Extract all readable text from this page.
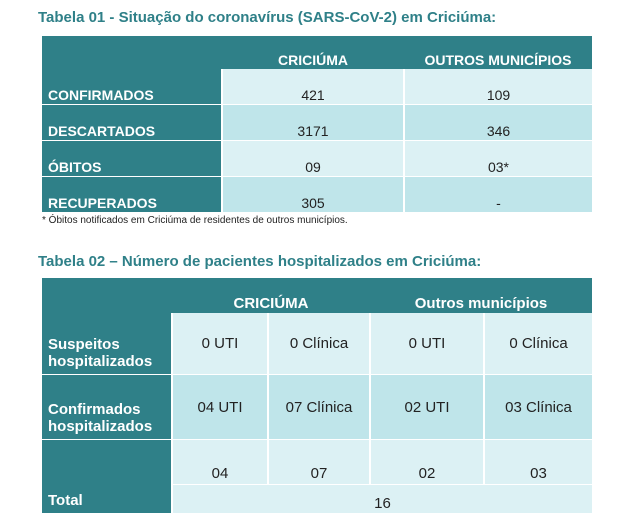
Tabela 01 - Situação do coronavírus (SARS-CoV-2) em Criciúma:
	CRICIÚMA	OUTROS MUNICÍPIOS
CONFIRMADOS	421	109
DESCARTADOS	3171	346
ÓBITOS	09	03*
RECUPERADOS	305	-
* Óbitos notificados em Criciúma de residentes de outros municípios.
Tabela 02 – Número de pacientes hospitalizados em Criciúma:
	CRICIÚMA		Outros municípios	
Suspeitos hospitalizados	0 UTI	0 Clínica	0 UTI	0 Clínica
Confirmados hospitalizados	04 UTI	07 Clínica	02 UTI	03 Clínica
Total	04	07	02	03
	16			
